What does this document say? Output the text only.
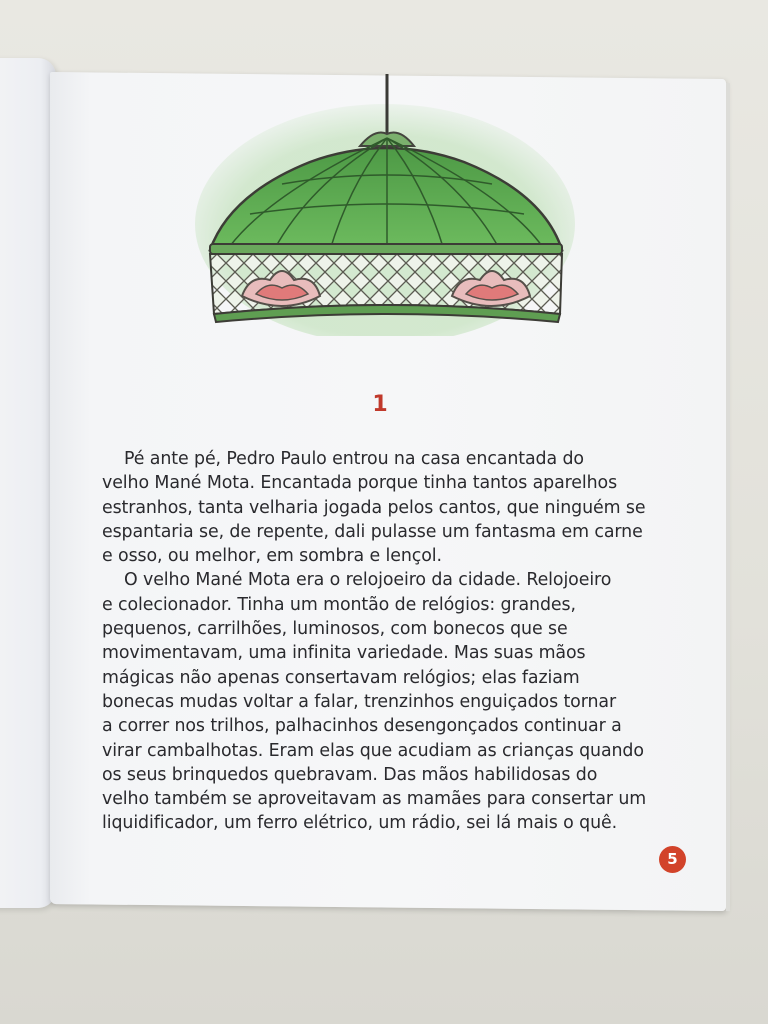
1
Pé ante pé, Pedro Paulo entrou na casa encantada do
velho Mané Mota. Encantada porque tinha tantos aparelhos
estranhos, tanta velharia jogada pelos cantos, que ninguém se
espantaria se, de repente, dali pulasse um fantasma em carne
e osso, ou melhor, em sombra e lençol.
O velho Mané Mota era o relojoeiro da cidade. Relojoeiro
e colecionador. Tinha um montão de relógios: grandes,
pequenos, carrilhões, luminosos, com bonecos que se
movimentavam, uma infinita variedade. Mas suas mãos
mágicas não apenas consertavam relógios; elas faziam
bonecas mudas voltar a falar, trenzinhos enguiçados tornar
a correr nos trilhos, palhacinhos desengonçados continuar a
virar cambalhotas. Eram elas que acudiam as crianças quando
os seus brinquedos quebravam. Das mãos habilidosas do
velho também se aproveitavam as mamães para consertar um
liquidificador, um ferro elétrico, um rádio, sei lá mais o quê.
5
